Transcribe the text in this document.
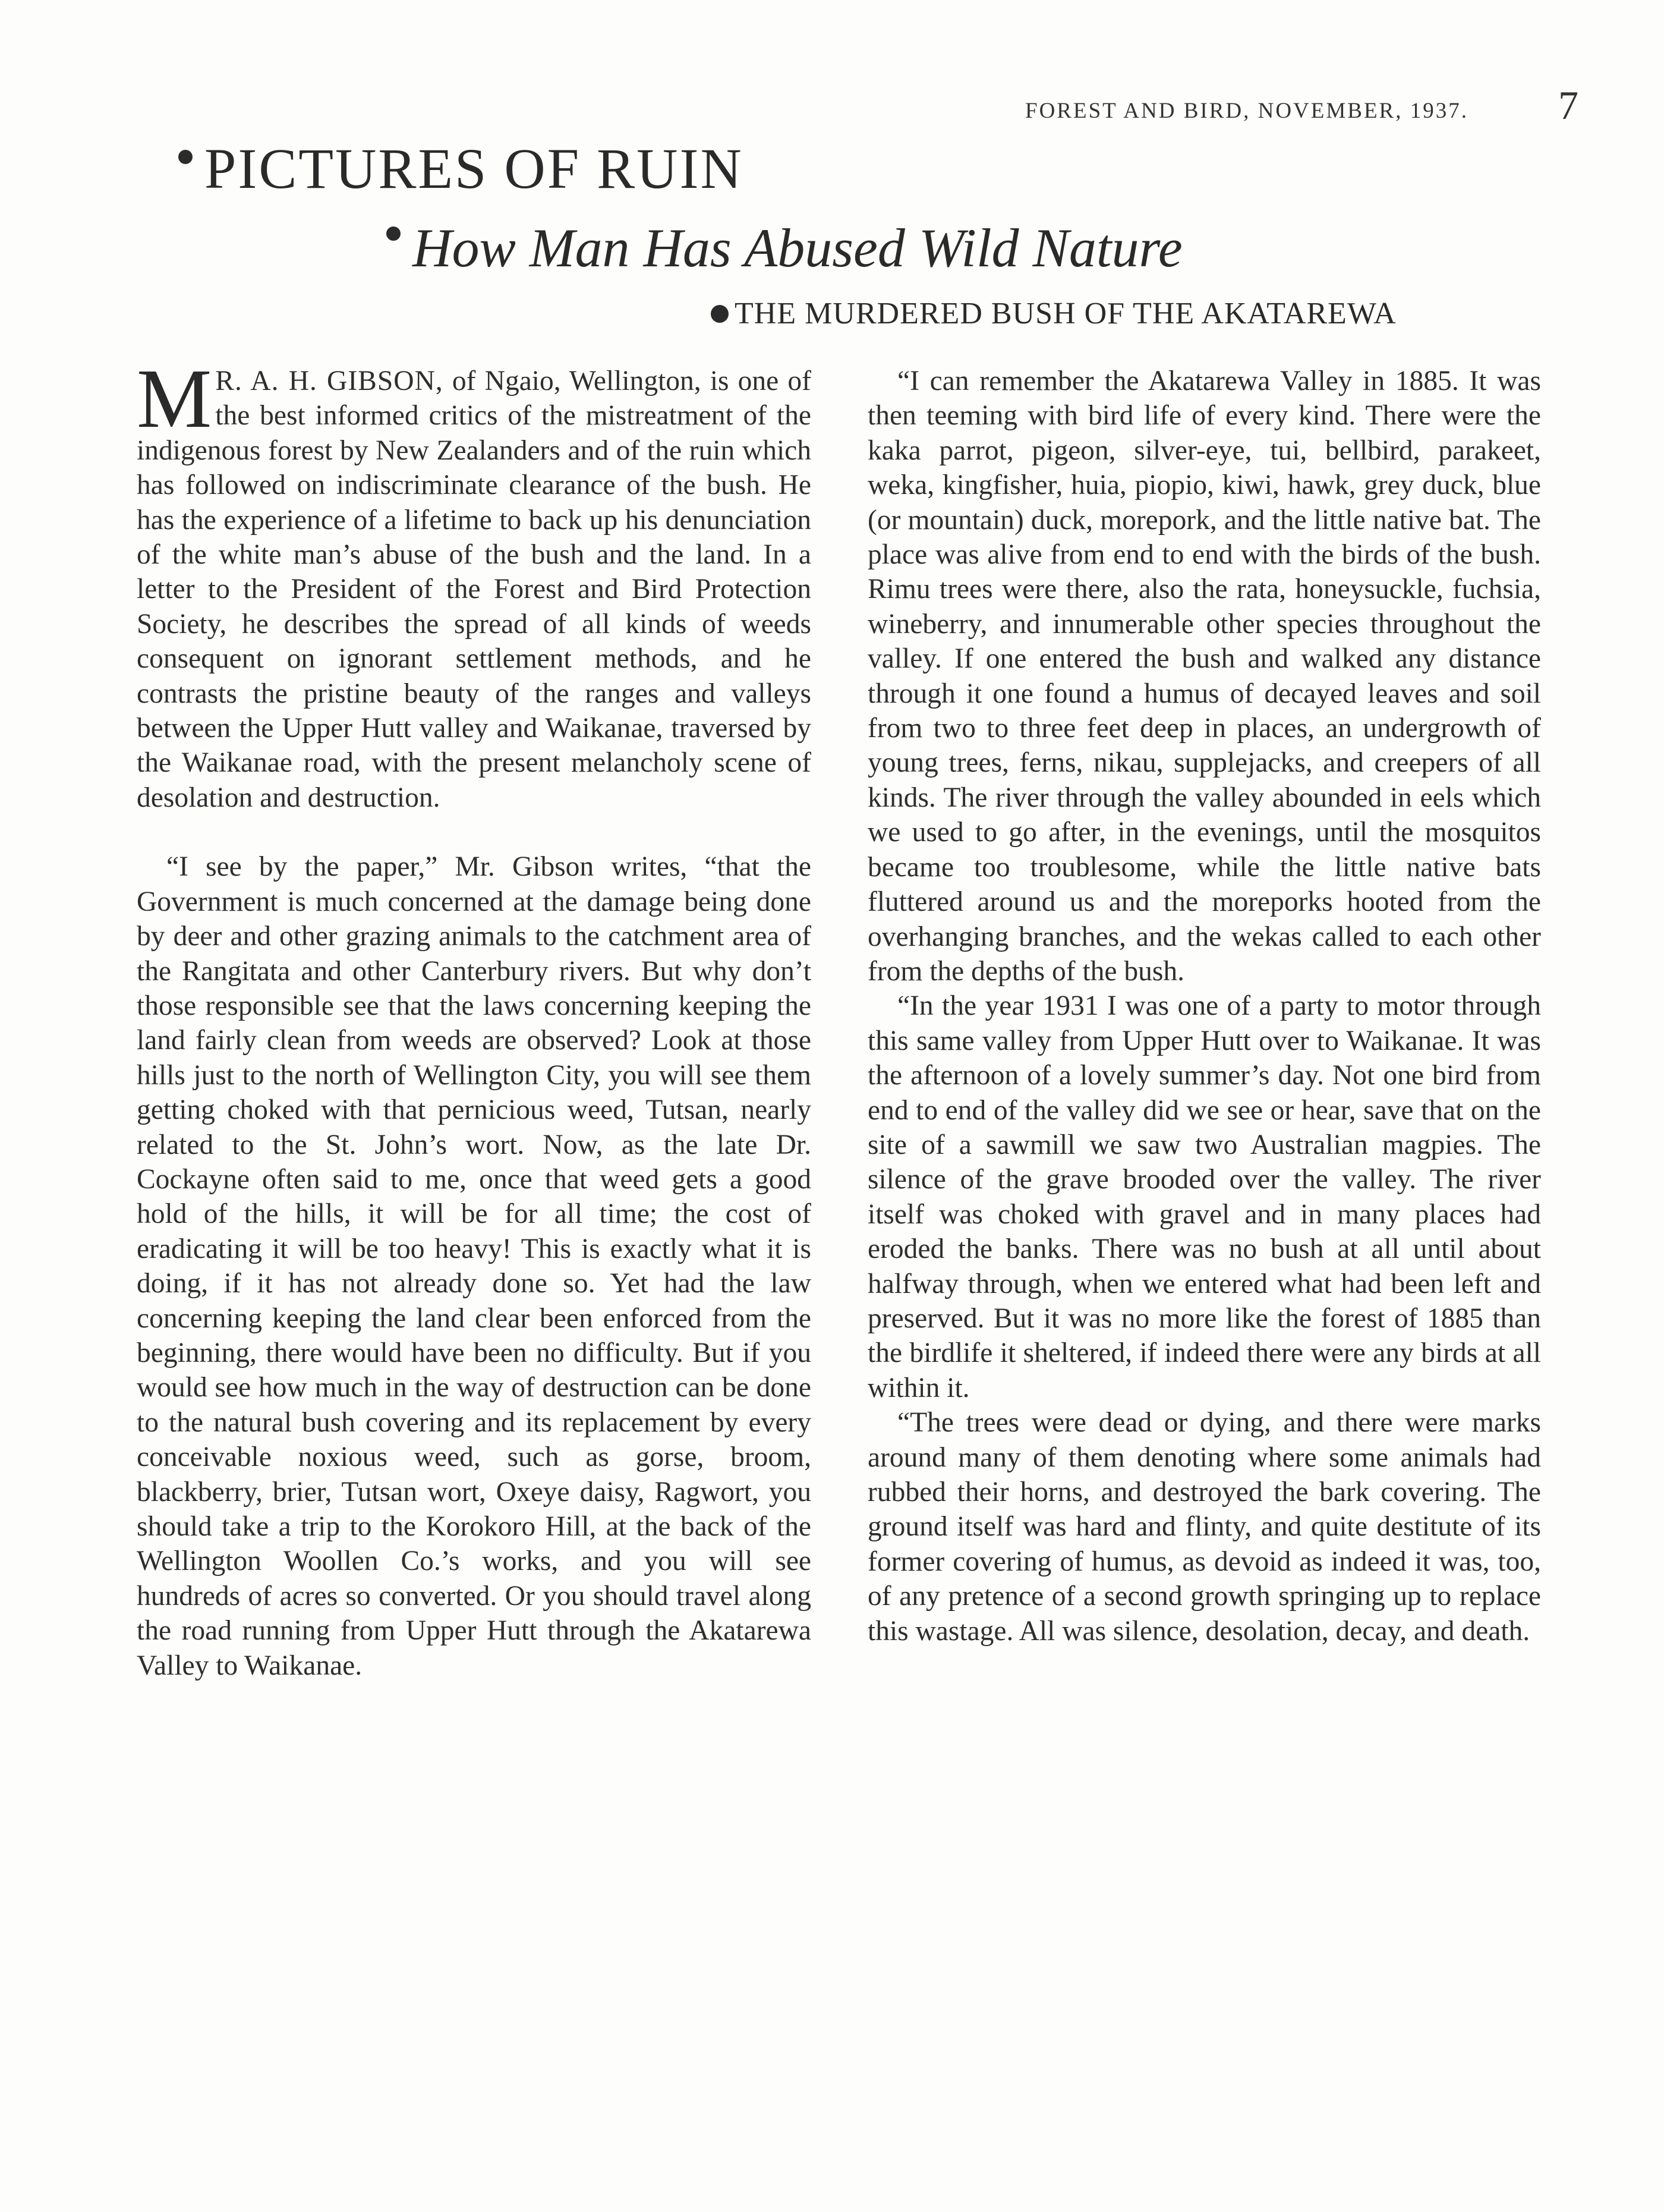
FOREST AND BIRD, NOVEMBER, 1937. 7
PICTURES OF RUIN
How Man Has Abused Wild Nature
THE MURDERED BUSH OF THE AKATAREWA

M R. A. H. GIBSON, of Ngaio, Wellington, is one of the best informed critics of the mistreatment of the indigenous forest by New Zealanders and of the ruin which has followed on indiscriminate clearance of the bush. He has the experience of a lifetime to back up his denunciation of the white man’s abuse of the bush and the land. In a letter to the President of the Forest and Bird Protection Society, he describes the spread of all kinds of weeds consequent on ignorant settlement methods, and he contrasts the pristine beauty of the ranges and valleys between the Upper Hutt valley and Waikanae, traversed by the Waikanae road, with the present melancholy scene of desolation and destruction.

“I see by the paper,” Mr. Gibson writes, “that the Government is much concerned at the damage being done by deer and other grazing animals to the catchment area of the Rangitata and other Canterbury rivers. But why don’t those responsible see that the laws concerning keeping the land fairly clean from weeds are observed? Look at those hills just to the north of Wellington City, you will see them getting choked with that pernicious weed, Tutsan, nearly related to the St. John’s wort. Now, as the late Dr. Cockayne often said to me, once that weed gets a good hold of the hills, it will be for all time; the cost of eradicating it will be too heavy! This is exactly what it is doing, if it has not already done so. Yet had the law concerning keeping the land clear been enforced from the beginning, there would have been no difficulty. But if you would see how much in the way of destruction can be done to the natural bush covering and its replacement by every conceivable noxious weed, such as gorse, broom, blackberry, brier, Tutsan wort, Oxeye daisy, Ragwort, you should take a trip to the Korokoro Hill, at the back of the Wellington Woollen Co.’s works, and you will see hundreds of acres so converted. Or you should travel along the road running from Upper Hutt through the Akatarewa Valley to Waikanae.

“I can remember the Akatarewa Valley in 1885. It was then teeming with bird life of every kind. There were the kaka parrot, pigeon, silver-eye, tui, bellbird, parakeet, weka, kingfisher, huia, piopio, kiwi, hawk, grey duck, blue (or mountain) duck, morepork, and the little native bat. The place was alive from end to end with the birds of the bush. Rimu trees were there, also the rata, honeysuckle, fuchsia, wineberry, and innumerable other species throughout the valley. If one entered the bush and walked any distance through it one found a humus of decayed leaves and soil from two to three feet deep in places, an undergrowth of young trees, ferns, nikau, supplejacks, and creepers of all kinds. The river through the valley abounded in eels which we used to go after, in the evenings, until the mosquitos became too troublesome, while the little native bats fluttered around us and the moreporks hooted from the overhanging branches, and the wekas called to each other from the depths of the bush.

“In the year 1931 I was one of a party to motor through this same valley from Upper Hutt over to Waikanae. It was the afternoon of a lovely summer’s day. Not one bird from end to end of the valley did we see or hear, save that on the site of a sawmill we saw two Australian magpies. The silence of the grave brooded over the valley. The river itself was choked with gravel and in many places had eroded the banks. There was no bush at all until about halfway through, when we entered what had been left and preserved. But it was no more like the forest of 1885 than the birdlife it sheltered, if indeed there were any birds at all within it.

“The trees were dead or dying, and there were marks around many of them denoting where some animals had rubbed their horns, and destroyed the bark covering. The ground itself was hard and flinty, and quite destitute of its former covering of humus, as devoid as indeed it was, too, of any pretence of a second growth springing up to replace this wastage. All was silence, desolation, decay, and death.
